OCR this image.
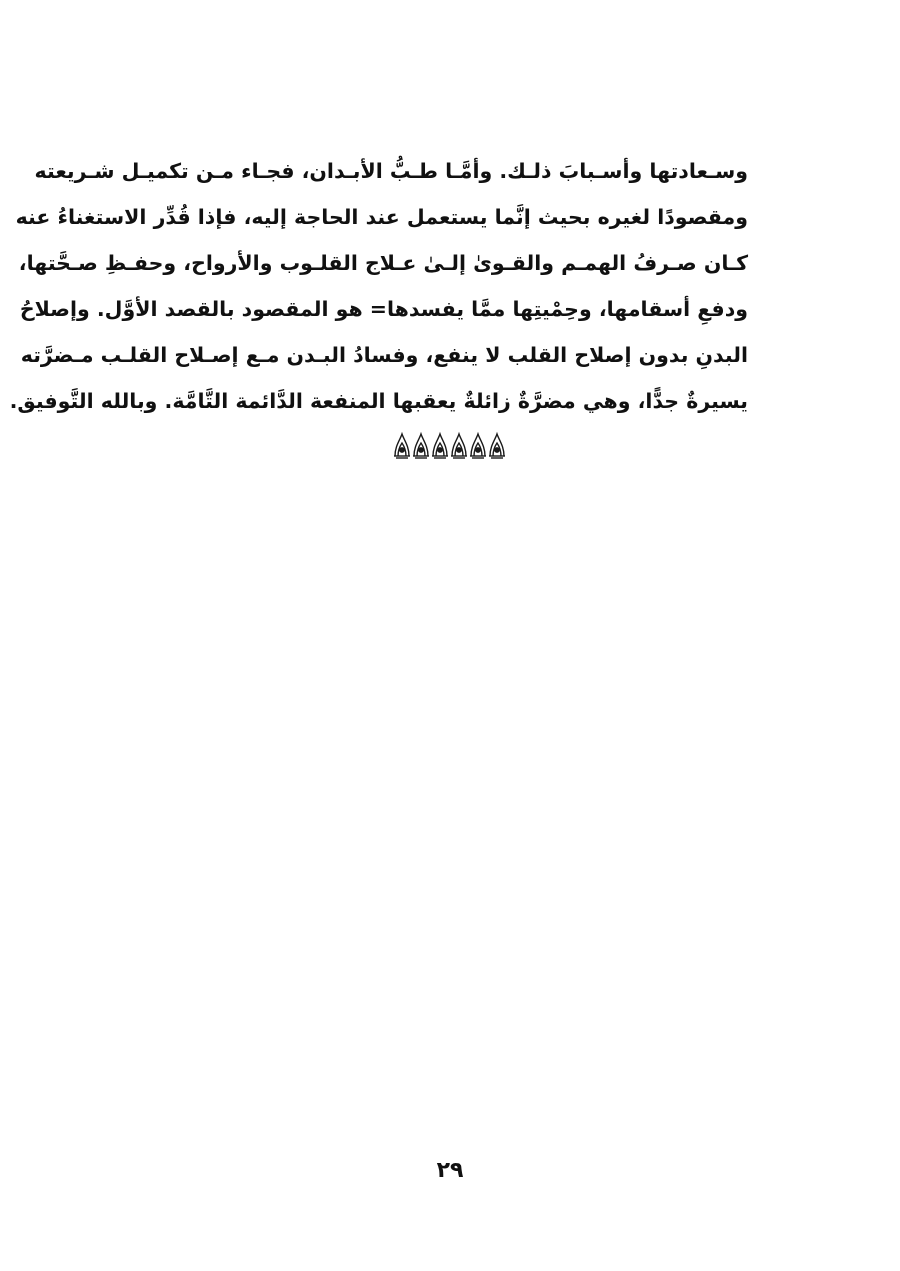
وسـعادتها وأسـبابَ ذلـك. وأمَّـا طـبُّ الأبـدان، فجـاء مـن تكميـل شـريعته
ومقصودًا لغيره بحيث إنَّما يستعمل عند الحاجة إليه، فإذا قُدِّر الاستغناءُ عنه
كـان صـرفُ الهمـم والقـوىٰ إلـىٰ عـلاج القلـوب والأرواح، وحفـظِ صـحَّتها،
ودفعِ أسقامها، وحِمْيتِها ممَّا يفسدها= هو المقصود بالقصد الأوَّل. وإصلاحُ
البدنِ بدون إصلاح القلب لا ينفع، وفسادُ البـدن مـع إصـلاح القلـب مـضرَّته
يسيرةٌ جدًّا، وهي مضرَّةٌ زائلةٌ يعقبها المنفعة الدَّائمة التَّامَّة. وبالله التَّوفيق.
٢٩
